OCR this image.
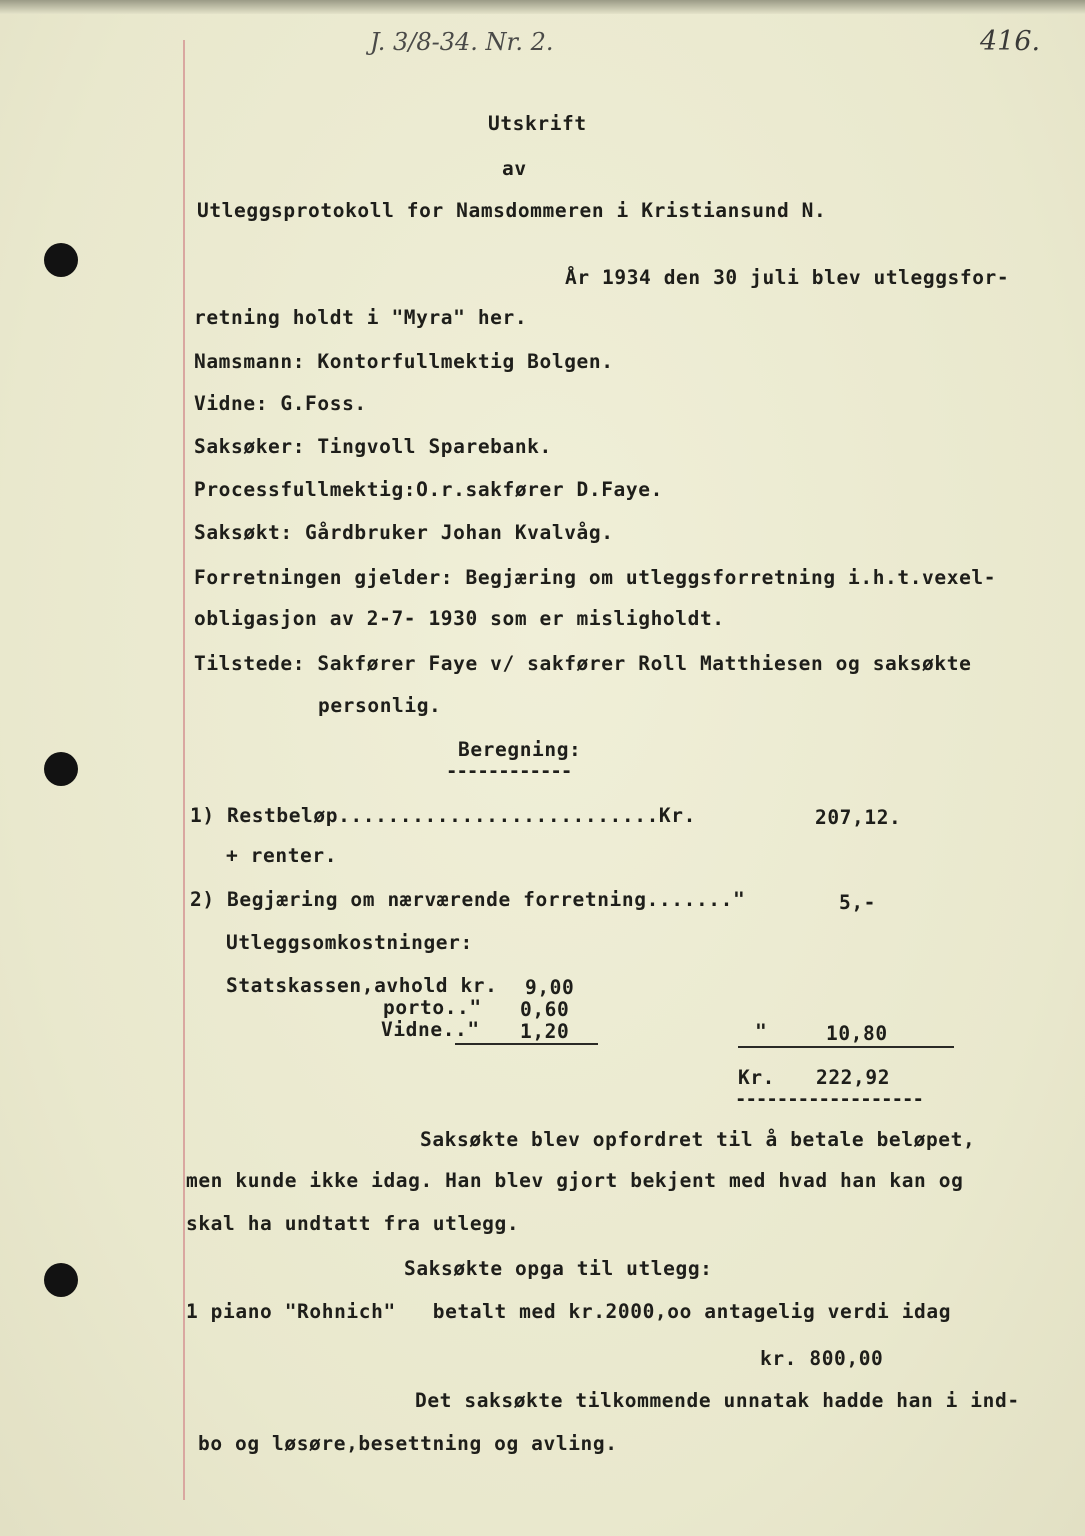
J. 3/8-34. Nr. 2.	416.
Utskrift
av
Utleggsprotokoll for Namsdommeren i Kristiansund N.
År 1934 den 30 juli blev utleggsfor-
retning holdt i "Myra" her.
Namsmann: Kontorfullmektig Bolgen.
Vidne: G.Foss.
Saksøker: Tingvoll Sparebank.
Processfullmektig:O.r.sakfører D.Faye.
Saksøkt: Gårdbruker Johan Kvalvåg.
Forretningen gjelder: Begjæring om utleggsforretning i.h.t.vexel-
obligasjon av 2-7- 1930 som er misligholdt.
Tilstede: Sakfører Faye v/ sakfører Roll Matthiesen og saksøkte
personlig.
Beregning:
------------
1) Restbeløp..........................Kr.	207,12.
+ renter.
2) Begjæring om nærværende forretning......."	5,-
Utleggsomkostninger:
Statskassen,avhold kr. 9,00
porto.." 0,60
Vidne.." 1,20	"	10,80
Kr. 222,92
------------------
Saksøkte blev opfordret til å betale beløpet,
men kunde ikke idag. Han blev gjort bekjent med hvad han kan og
skal ha undtatt fra utlegg.
Saksøkte opga til utlegg:
1 piano "Rohnich"   betalt med kr.2000,oo antagelig verdi idag
kr. 800,00
Det saksøkte tilkommende unnatak hadde han i ind-
bo og løsøre,besettning og avling.
